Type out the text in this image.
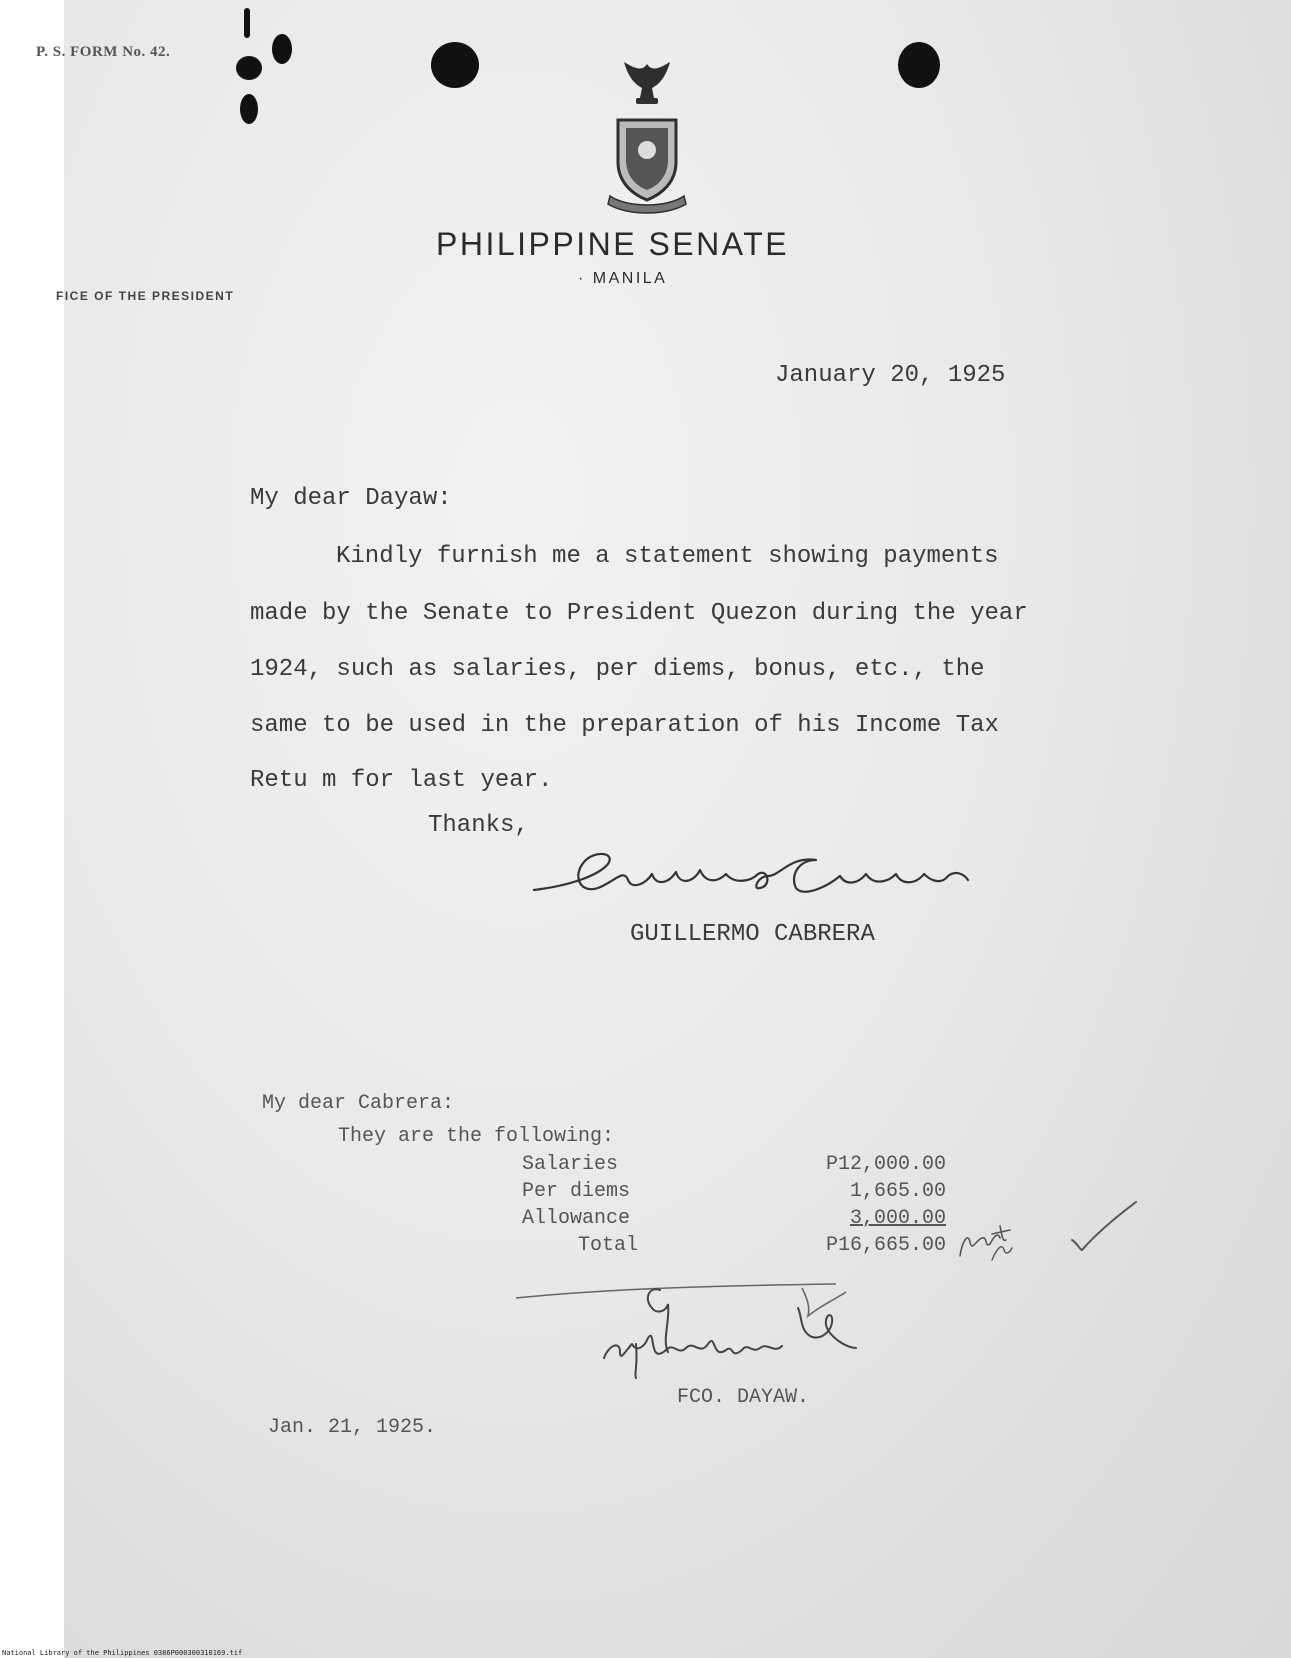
P. S. FORM No. 42.
FICE OF THE PRESIDENT
PHILIPPINE SENATE
· MANILA
January 20, 1925
My dear Dayaw:
Kindly furnish me a statement showing payments
made by the Senate to President Quezon during the year
1924, such as salaries, per diems, bonus, etc., the
same to be used in the preparation of his Income Tax
Retu m for last year.
Thanks,
GUILLERMO CABRERA
My dear Cabrera:
They are the following:
Salaries	P12,000.00
Per diems	1,665.00
Allowance	3,000.00
Total	P16,665.00
FCO. DAYAW.
Jan. 21, 1925.
National Library of the Philippines 0386P000300310169.tif
